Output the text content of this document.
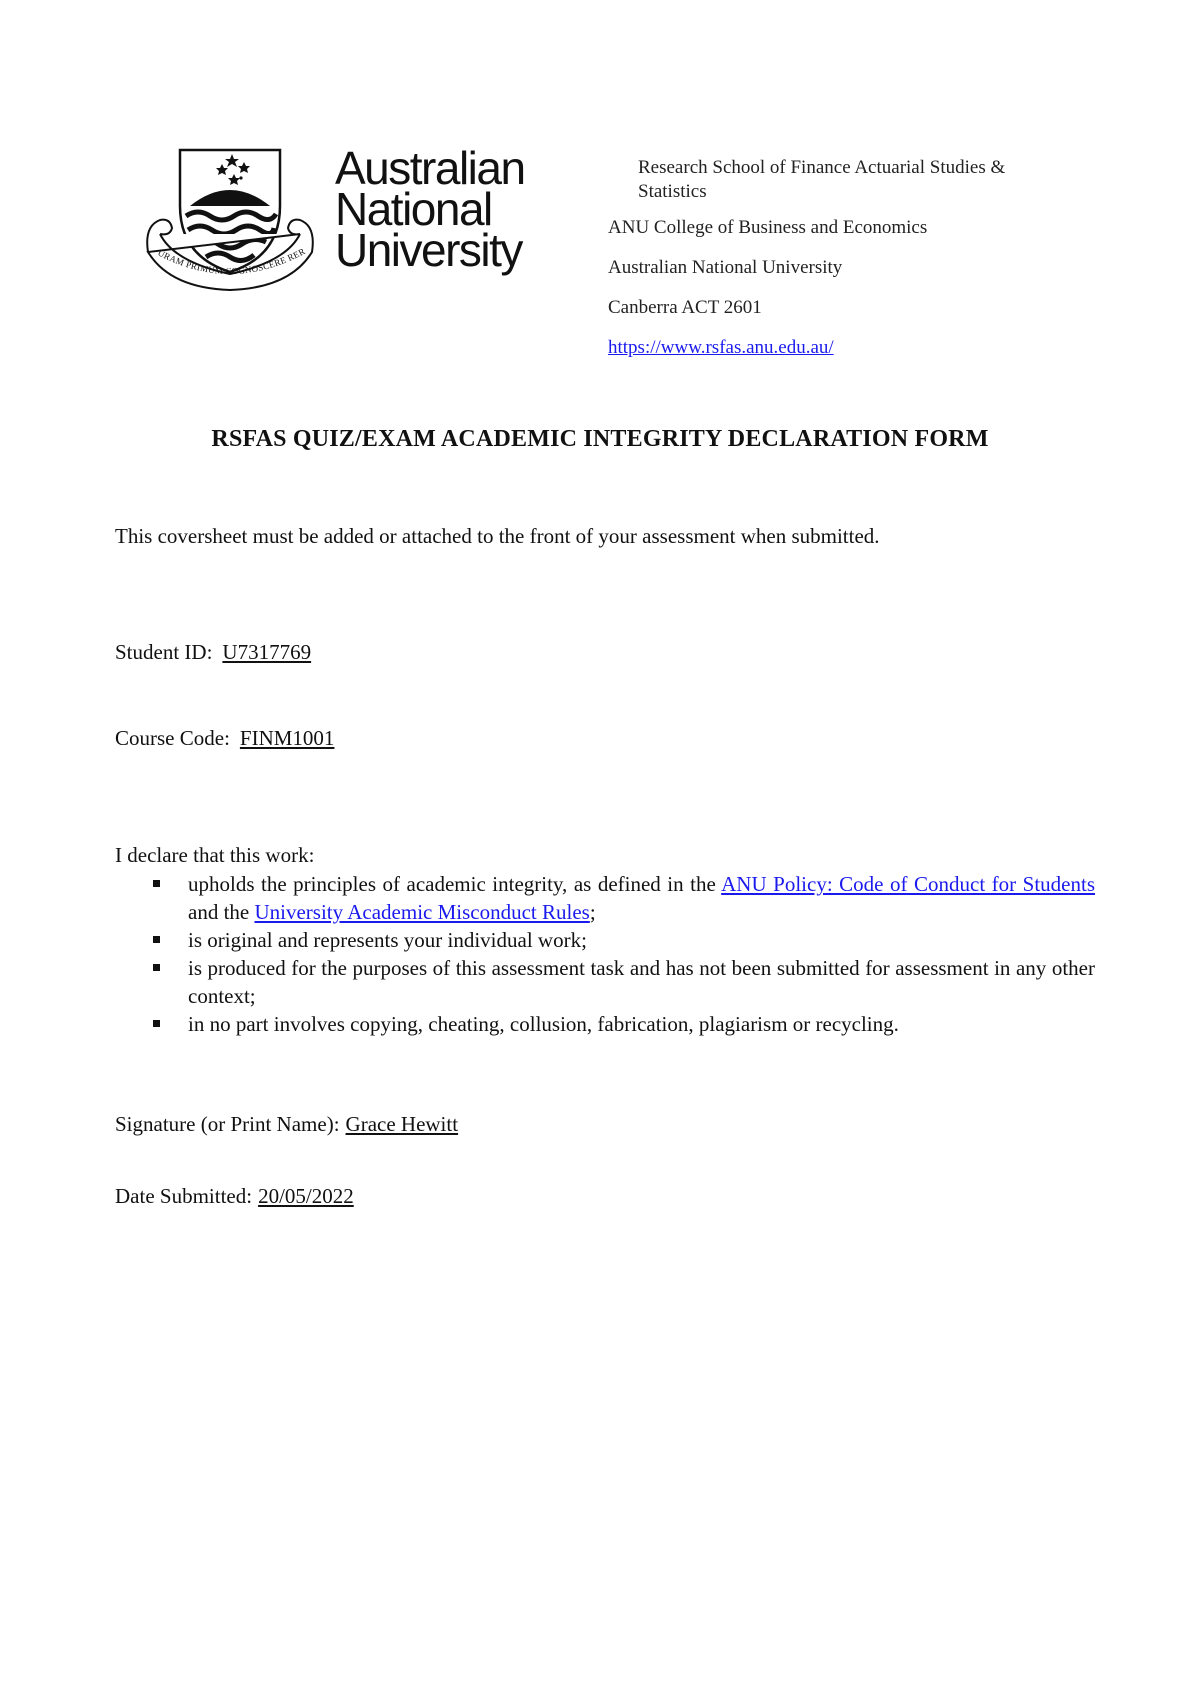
URAM PRIMUM COGNOSCERE RER
Australian
National
University
Research School of Finance Actuarial Studies & Statistics
ANU College of Business and Economics
Australian National University
Canberra ACT 2601
https://www.rsfas.anu.edu.au/
RSFAS QUIZ/EXAM ACADEMIC INTEGRITY DECLARATION FORM
This coversheet must be added or attached to the front of your assessment when submitted.
Student ID: U7317769
Course Code: FINM1001
I declare that this work:
upholds the principles of academic integrity, as defined in the ANU Policy: Code of Conduct for Students and the University Academic Misconduct Rules;
is original and represents your individual work;
is produced for the purposes of this assessment task and has not been submitted for assessment in any other context;
in no part involves copying, cheating, collusion, fabrication, plagiarism or recycling.
Signature (or Print Name): Grace Hewitt
Date Submitted: 20/05/2022
